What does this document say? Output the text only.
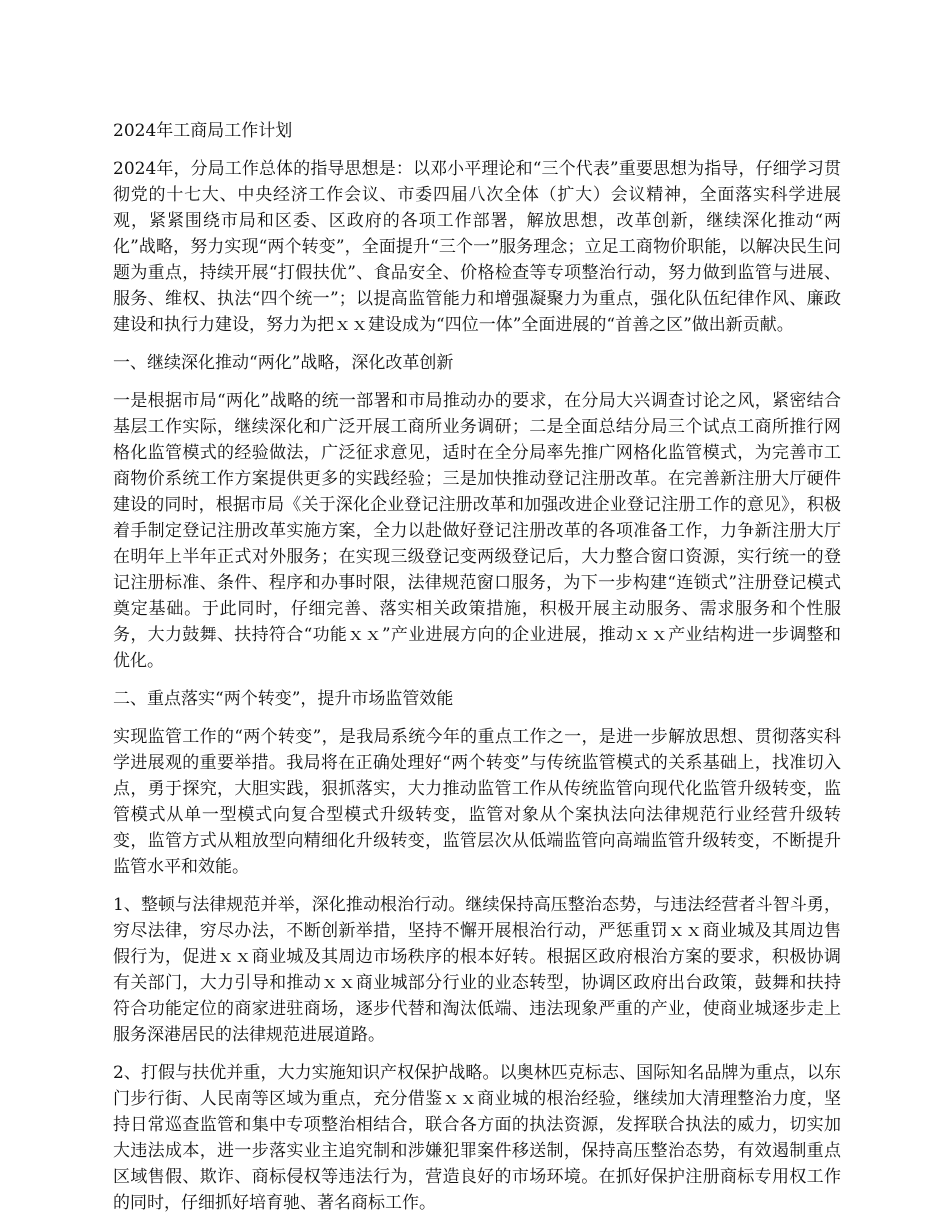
2024年工商局工作计划

2024年，分局工作总体的指导思想是：以邓小平理论和“三个代表”重要思想为指导，仔细学习贯彻党的十七大、中央经济工作会议、市委四届八次全体（扩大）会议精神，全面落实科学进展观，紧紧围绕市局和区委、区政府的各项工作部署，解放思想，改革创新，继续深化推动“两化”战略，努力实现“两个转变”，全面提升“三个一”服务理念；立足工商物价职能，以解决民生问题为重点，持续开展“打假扶优”、食品安全、价格检查等专项整治行动，努力做到监管与进展、服务、维权、执法“四个统一”；以提高监管能力和增强凝聚力为重点，强化队伍纪律作风、廉政建设和执行力建设，努力为把ｘｘ建设成为“四位一体”全面进展的“首善之区”做出新贡献。

一、继续深化推动“两化”战略，深化改革创新

一是根据市局“两化”战略的统一部署和市局推动办的要求，在分局大兴调查讨论之风，紧密结合基层工作实际，继续深化和广泛开展工商所业务调研；二是全面总结分局三个试点工商所推行网格化监管模式的经验做法，广泛征求意见，适时在全分局率先推广网格化监管模式，为完善市工商物价系统工作方案提供更多的实践经验；三是加快推动登记注册改革。在完善新注册大厅硬件建设的同时，根据市局《关于深化企业登记注册改革和加强改进企业登记注册工作的意见》，积极着手制定登记注册改革实施方案，全力以赴做好登记注册改革的各项准备工作，力争新注册大厅在明年上半年正式对外服务；在实现三级登记变两级登记后，大力整合窗口资源，实行统一的登记注册标准、条件、程序和办事时限，法律规范窗口服务，为下一步构建“连锁式”注册登记模式奠定基础。于此同时，仔细完善、落实相关政策措施，积极开展主动服务、需求服务和个性服务，大力鼓舞、扶持符合“功能ｘｘ”产业进展方向的企业进展，推动ｘｘ产业结构进一步调整和优化。

二、重点落实“两个转变”，提升市场监管效能

实现监管工作的“两个转变”，是我局系统今年的重点工作之一，是进一步解放思想、贯彻落实科学进展观的重要举措。我局将在正确处理好“两个转变”与传统监管模式的关系基础上，找准切入点，勇于探究，大胆实践，狠抓落实，大力推动监管工作从传统监管向现代化监管升级转变，监管模式从单一型模式向复合型模式升级转变，监管对象从个案执法向法律规范行业经营升级转变，监管方式从粗放型向精细化升级转变，监管层次从低端监管向高端监管升级转变，不断提升监管水平和效能。

1、整顿与法律规范并举，深化推动根治行动。继续保持高压整治态势，与违法经营者斗智斗勇，穷尽法律，穷尽办法，不断创新举措，坚持不懈开展根治行动，严惩重罚ｘｘ商业城及其周边售假行为，促进ｘｘ商业城及其周边市场秩序的根本好转。根据区政府根治方案的要求，积极协调有关部门，大力引导和推动ｘｘ商业城部分行业的业态转型，协调区政府出台政策，鼓舞和扶持符合功能定位的商家进驻商场，逐步代替和淘汰低端、违法现象严重的产业，使商业城逐步走上服务深港居民的法律规范进展道路。

2、打假与扶优并重，大力实施知识产权保护战略。以奥林匹克标志、国际知名品牌为重点，以东门步行街、人民南等区域为重点，充分借鉴ｘｘ商业城的根治经验，继续加大清理整治力度，坚持日常巡查监管和集中专项整治相结合，联合各方面的执法资源，发挥联合执法的威力，切实加大违法成本，进一步落实业主追究制和涉嫌犯罪案件移送制，保持高压整治态势，有效遏制重点区域售假、欺诈、商标侵权等违法行为，营造良好的市场环境。在抓好保护注册商标专用权工作的同时，仔细抓好培育驰、著名商标工作。
